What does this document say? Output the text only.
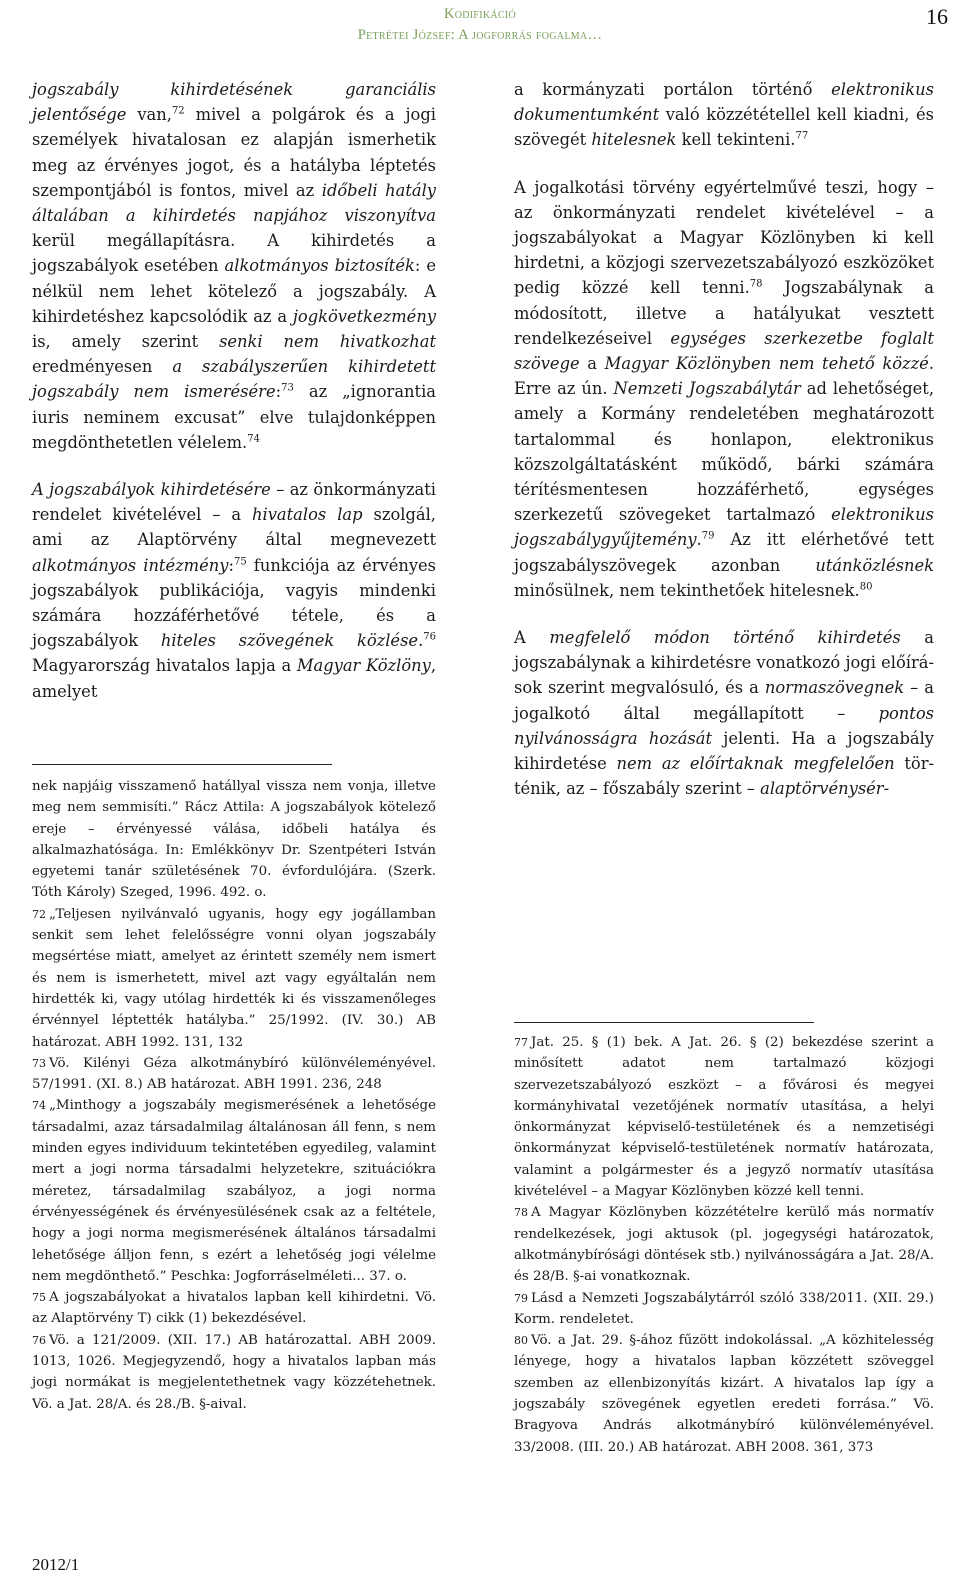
Kodifikáció
Petrétei József: A jogforrás fogalma…
16

jogszabály kihirdetésének garanciális jelentősége van,$^{72}$ mivel a polgárok és a jogi személyek hivatalosan ez alapján ismerhetik meg az érvényes jogot, és a hatályba léptetés szempontjából is fontos, mivel az időbeli hatály általában a kihirdetés napjához viszonyítva kerül megállapításra. A kihirdetés a jogszabályok esetében alkotmányos biztosíték: e nélkül nem lehet kötelező a jogszabály. A kihirdetéshez kapcsolódik az a jogkövetkezmény is, amely szerint senki nem hivatkozhat eredményesen a szabályszerűen kihirdetett jogszabály nem ismerésére:$^{73}$ az „ignorantia iuris neminem excusat” elve tulajdonképpen megdönthetetlen vélelem.$^{74}$

A jogszabályok kihirdetésére – az önkormányzati rendelet kivételével – a hivatalos lap szolgál, ami az Alaptörvény által megnevezett alkotmányos intézmény:$^{75}$ funkciója az érvényes jogszabályok publikációja, vagyis mindenki számára hozzáférhetővé tétele, és a jogszabályok hiteles szövegének közlése.$^{76}$ Magyarország hivatalos lapja a Magyar Közlöny, amelyet

a kormányzati portálon történő elektronikus dokumentumként való közzététellel kell kiadni, és szövegét hitelesnek kell tekinteni.$^{77}$

A jogalkotási törvény egyértelművé teszi, hogy – az önkormányzati rendelet kivételével – a jogszabályokat a Magyar Közlönyben ki kell hirdetni, a közjogi szervezetszabályozó eszközöket pedig közzé kell tenni.$^{78}$ Jogszabálynak a módosított, illetve a hatályukat vesztett rendelkezéseivel egységes szerkezetbe foglalt szövege a Magyar Közlönyben nem tehető közzé. Erre az ún. Nemzeti Jogszabálytár ad lehetőséget, amely a Kormány rendeletében meghatározott tartalommal és honlapon, elektronikus közszolgáltatásként működő, bárki számára térítésmentesen hozzáférhető, egységes szerkezetű szövegeket tartalmazó elektronikus jogszabálygyűjtemény.$^{79}$ Az itt elérhetővé tett jogszabályszövegek azonban utánközlésnek minősülnek, nem tekinthetőek hitelesnek.$^{80}$

A megfelelő módon történő kihirdetés a jogszabálynak a kihirdetésre vonatkozó jogi előírások szerint megvalósuló, és a normaszövegnek – a jogalkotó által megállapított – pontos nyilvánosságra hozását jelenti. Ha a jogszabály kihirdetése nem az előírtaknak megfelelően történik, az – főszabály szerint – alaptörvénysér-

nek napjáig visszamenő hatállyal vissza nem vonja, illetve meg nem semmisíti.” Rácz Attila: A jogszabályok kötelező ereje – érvényessé válása, időbeli hatálya és alkalmazhatósága. In: Emlékkönyv Dr. Szentpéteri István egyetemi tanár születésének 70. évfordulójára. (Szerk. Tóth Károly) Szeged, 1996. 492. o.

72 „Teljesen nyilvánvaló ugyanis, hogy egy jogállamban senkit sem lehet felelősségre vonni olyan jogszabály megsértése miatt, amelyet az érintett személy nem ismert és nem is ismerhetett, mivel azt vagy egyáltalán nem hirdették ki, vagy utólag hirdették ki és visszamenőleges érvénnyel léptették hatályba.” 25/1992. (IV. 30.) AB határozat. ABH 1992. 131, 132

73 Vö. Kilényi Géza alkotmánybíró különvéleményével. 57/1991. (XI. 8.) AB határozat. ABH 1991. 236, 248

74 „Minthogy a jogszabály megismerésének a lehetősége társadalmi, azaz társadalmilag általánosan áll fenn, s nem minden egyes individuum tekintetében egyedileg, valamint mert a jogi norma társadalmi helyzetekre, szituációkra méretez, társadalmilag szabályoz, a jogi norma érvényességének és érvényesülésének csak az a feltétele, hogy a jogi norma megismerésének általános társadalmi lehetősége álljon fenn, s ezért a lehetőség jogi vélelme nem megdönthető.” Peschka: Jogforráselméleti... 37. o.

75 A jogszabályokat a hivatalos lapban kell kihirdetni. Vö. az Alaptörvény T) cikk (1) bekezdésével.

76 Vö. a 121/2009. (XII. 17.) AB határozattal. ABH 2009. 1013, 1026. Megjegyzendő, hogy a hivatalos lapban más jogi normákat is megjelentethetnek vagy közzétehetnek. Vö. a Jat. 28/A. és 28./B. §-aival.

77 Jat. 25. § (1) bek. A Jat. 26. § (2) bekezdése szerint a minősített adatot nem tartalmazó közjogi szervezetszabályozó eszközt – a fővárosi és megyei kormányhivatal vezetőjének normatív utasítása, a helyi önkormányzat képviselő-testületének és a nemzetiségi önkormányzat képviselő-testületének normatív határozata, valamint a polgármester és a jegyző normatív utasítása kivételével – a Magyar Közlönyben közzé kell tenni.

78 A Magyar Közlönyben közzétételre kerülő más normatív rendelkezések, jogi aktusok (pl. jogegységi határozatok, alkotmánybírósági döntések stb.) nyilvánosságára a Jat. 28/A. és 28/B. §-ai vonatkoznak.

79 Lásd a Nemzeti Jogszabálytárról szóló 338/2011. (XII. 29.) Korm. rendeletet.

80 Vö. a Jat. 29. §-ához fűzött indokolással. „A közhitelesség lényege, hogy a hivatalos lapban közzétett szöveggel szemben az ellenbizonyítás kizárt. A hivatalos lap így a jogszabály szövegének egyetlen eredeti forrása.” Vö. Bragyova András alkotmánybíró különvéleményével. 33/2008. (III. 20.) AB határozat. ABH 2008. 361, 373

2012/1
